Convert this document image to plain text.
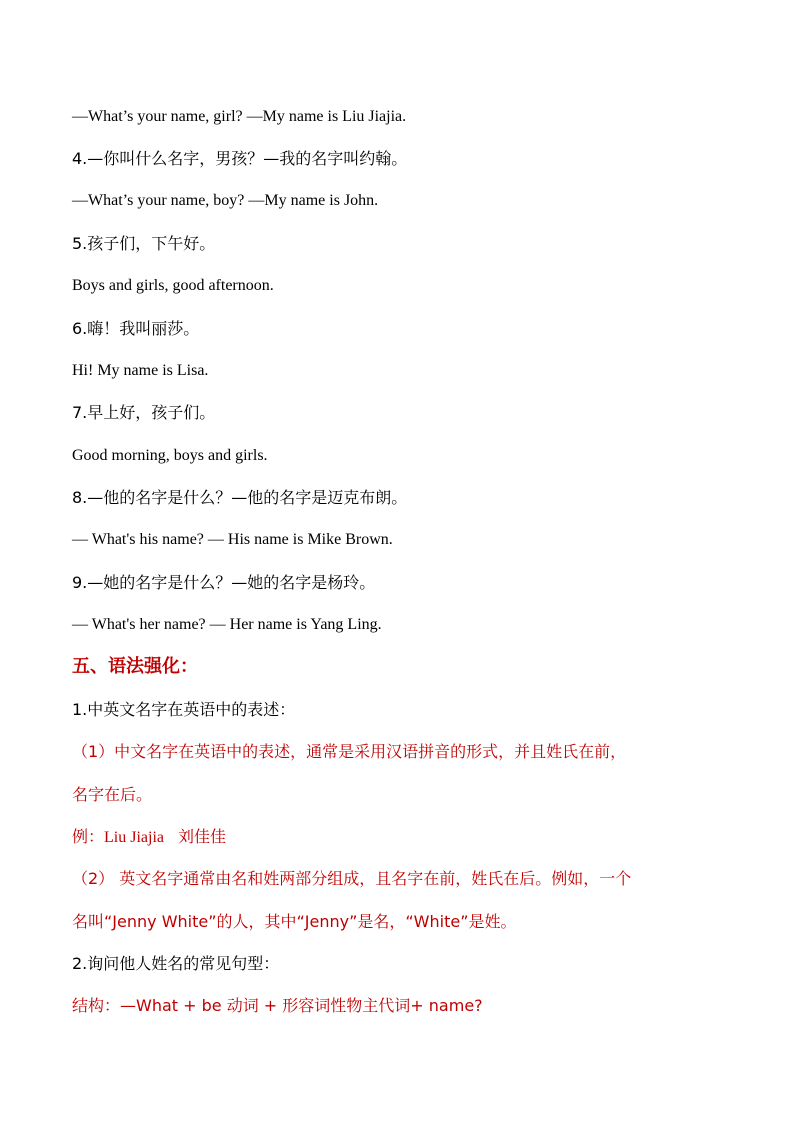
—What’s your name, girl? —My name is Liu Jiajia.
4.—你叫什么名字，男孩？—我的名字叫约翰。
—What’s your name, boy? —My name is John.
5.孩子们，下午好。
Boys and girls, good afternoon.
6.嗨！我叫丽莎。
Hi! My name is Lisa.
7.早上好，孩子们。
Good morning, boys and girls.
8.—他的名字是什么？—他的名字是迈克布朗。
— What's his name? — His name is Mike Brown.
9.—她的名字是什么？—她的名字是杨玲。
— What's her name? — Her name is Yang Ling.
五、语法强化：
1.中英文名字在英语中的表述：
（1）中文名字在英语中的表述，通常是采用汉语拼音的形式，并且姓氏在前，
名字在后。
例：Liu Jiajia 刘佳佳
（2） 英文名字通常由名和姓两部分组成，且名字在前，姓氏在后。例如，一个
名叫“Jenny White”的人，其中“Jenny”是名，“White”是姓。
2.询问他人姓名的常见句型：
结构：—What + be 动词 + 形容词性物主代词+ name?
